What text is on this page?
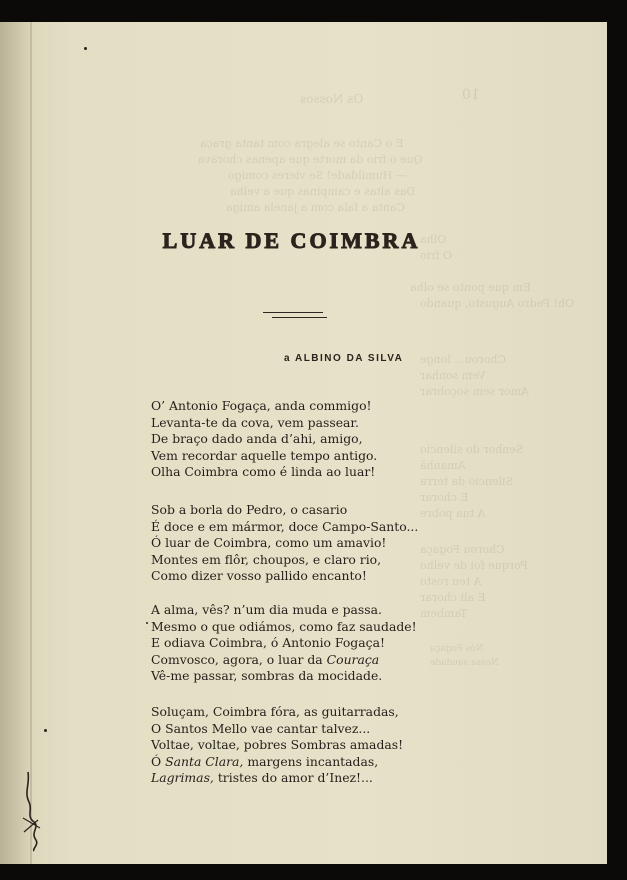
10
Os Nossos
E o Canto se alegra com tanta graça
Que o frio da morte que apenas chorava
— Humildade! Se vieres comigo
Das altas e campinas que a velha
Canta a fala com a janela amiga
Olha
O frio
Em que ponto se olha
Oh! Pedro Augusto, quando
Chorou... longe
Vem sonhar
Amor sem soçobrar
Senhor do silencio
Amanhã
Silencio da terra
E chorar
A tua pobre
Chorou Fogaça
Porque foi de velho
A teu rosto
E ali chorar
Tambem
Nós Fogaça
Nossa saudade
LUAR DE COIMBRA
a ALBINO DA SILVA
O’ Antonio Fogaça, anda commigo!
Levanta-te da cova, vem passear.
De braço dado anda d’ahi, amigo,
Vem recordar aquelle tempo antigo.
Olha Coimbra como é linda ao luar!
Sob a borla do Pedro, o casario
É doce e em mármor, doce Campo-Santo...
Ó luar de Coimbra, como um amavio!
Montes em flôr, choupos, e claro rio,
Como dizer vosso pallido encanto!
A alma, vês? n’um dia muda e passa.
Mesmo o que odiámos, como faz saudade!
E odiava Coimbra, ó Antonio Fogaça!
Comvosco, agora, o luar da Couraça
Vê-me passar, sombras da mocidade.
Soluçam, Coimbra fóra, as guitarradas,
O Santos Mello vae cantar talvez...
Voltae, voltae, pobres Sombras amadas!
Ó Santa Clara, margens incantadas,
Lagrimas, tristes do amor d’Inez!...
